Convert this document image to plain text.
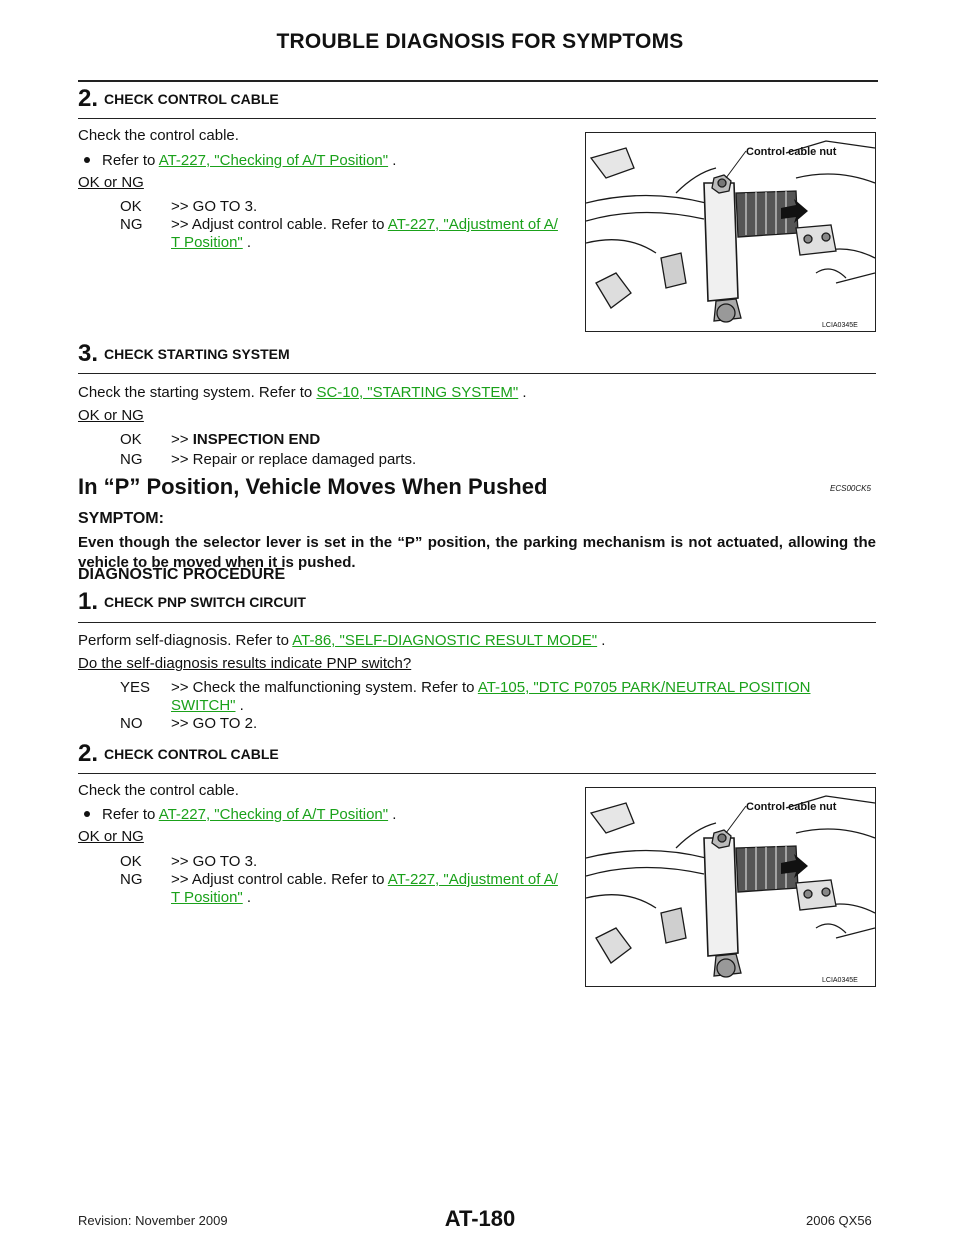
TROUBLE DIAGNOSIS FOR SYMPTOMS
2. CHECK CONTROL CABLE
Check the control cable.
Refer to AT-227, "Checking of A/T Position" .
OK or NG
OK >> GO TO 3.
NG >> Adjust control cable. Refer to AT-227, "Adjustment of A/
T Position" .
Control cable nut
LCIA0345E
3. CHECK STARTING SYSTEM
Check the starting system. Refer to SC-10, "STARTING SYSTEM" .
OK or NG
OK >> INSPECTION END
NG >> Repair or replace damaged parts.
In “P” Position, Vehicle Moves When Pushed	ECS00CK5
SYMPTOM:
Even though the selector lever is set in the “P” position, the parking mechanism is not actuated, allowing the vehicle to be moved when it is pushed.
DIAGNOSTIC PROCEDURE
1. CHECK PNP SWITCH CIRCUIT
Perform self-diagnosis. Refer to AT-86, "SELF-DIAGNOSTIC RESULT MODE" .
Do the self-diagnosis results indicate PNP switch?
YES >> Check the malfunctioning system. Refer to AT-105, "DTC P0705 PARK/NEUTRAL POSITION
SWITCH" .
NO >> GO TO 2.
2. CHECK CONTROL CABLE
Check the control cable.
Refer to AT-227, "Checking of A/T Position" .
OK or NG
OK >> GO TO 3.
NG >> Adjust control cable. Refer to AT-227, "Adjustment of A/
T Position" .
Control cable nut
LCIA0345E
Revision: November 2009	AT-180	2006 QX56
